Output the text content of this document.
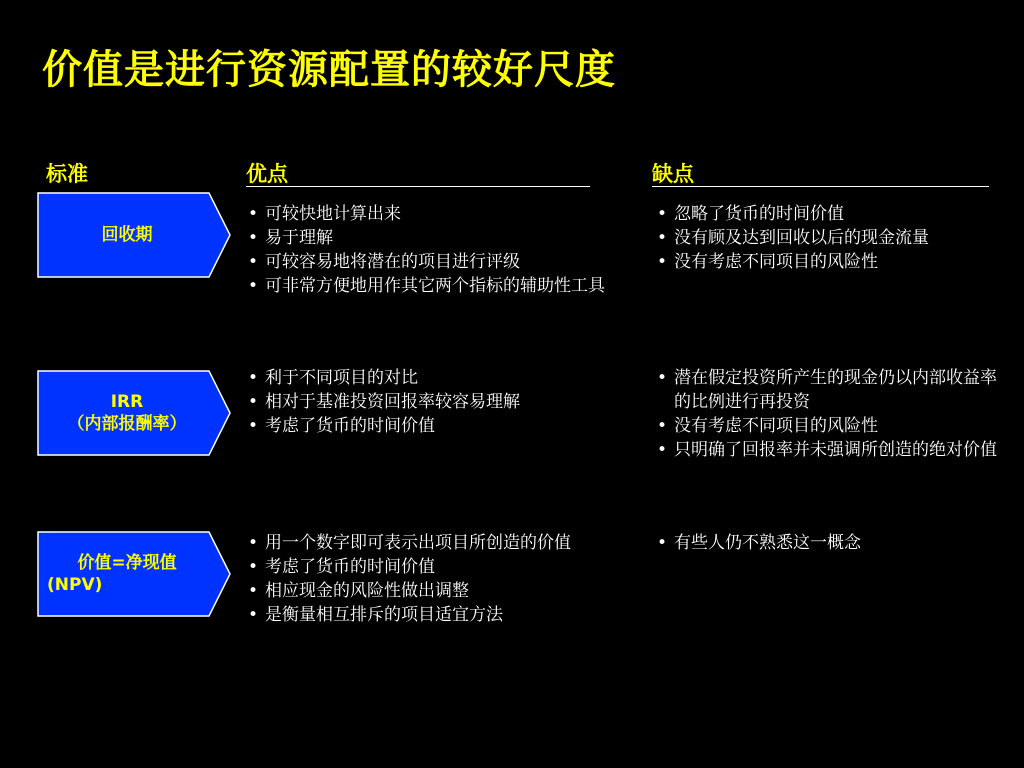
价值是进行资源配置的较好尺度
标准	优点	缺点
回收期
• 可较快地计算出来
• 易于理解
• 可较容易地将潜在的项目进行评级
• 可非常方便地用作其它两个指标的辅助性工具
• 忽略了货币的时间价值
• 没有顾及达到回收以后的现金流量
• 没有考虑不同项目的风险性
IRR
（内部报酬率）
• 利于不同项目的对比
• 相对于基准投资回报率较容易理解
• 考虑了货币的时间价值
• 潜在假定投资所产生的现金仍以内部收益率的比例进行再投资
• 没有考虑不同项目的风险性
• 只明确了回报率并未强调所创造的绝对价值
价值=净现值
(NPV)
• 用一个数字即可表示出项目所创造的价值
• 考虑了货币的时间价值
• 相应现金的风险性做出调整
• 是衡量相互排斥的项目适宜方法
• 有些人仍不熟悉这一概念
